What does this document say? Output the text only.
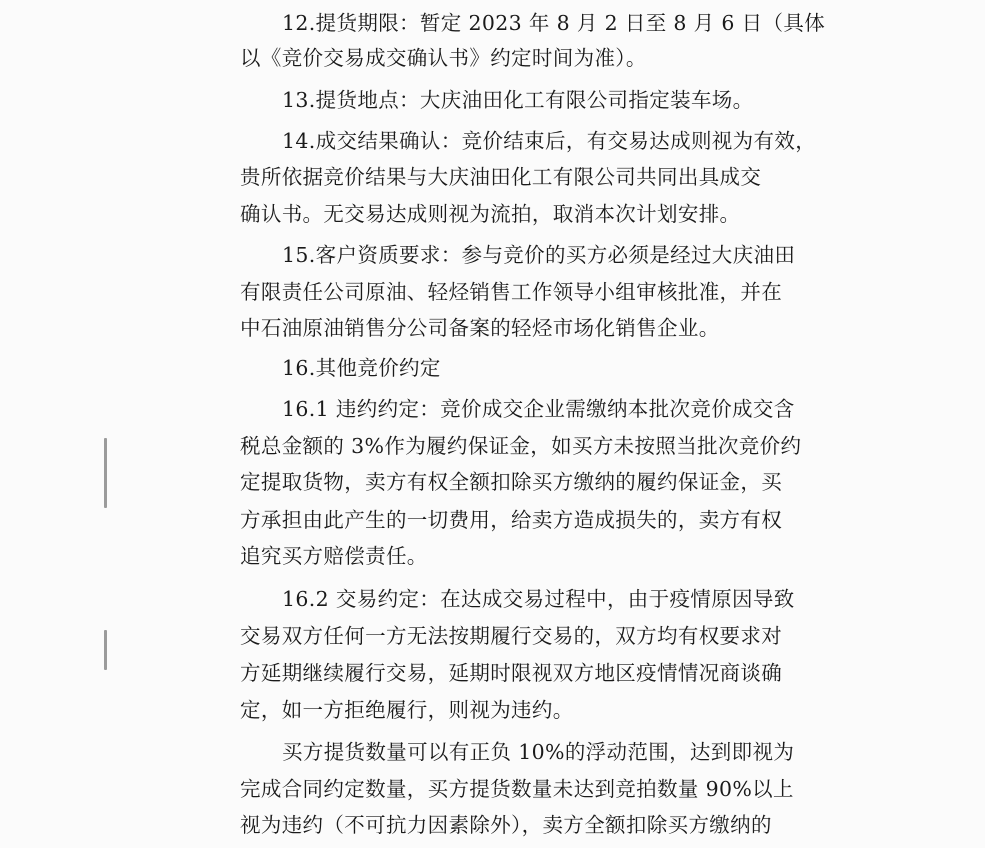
12.提货期限：暂定 2023 年 8 月 2 日至 8 月 6 日（具体
以《竞价交易成交确认书》约定时间为准）。
13.提货地点：大庆油田化工有限公司指定装车场。
14.成交结果确认：竞价结束后，有交易达成则视为有效，
贵所依据竞价结果与大庆油田化工有限公司共同出具成交
确认书。无交易达成则视为流拍，取消本次计划安排。
15.客户资质要求：参与竞价的买方必须是经过大庆油田
有限责任公司原油、轻烃销售工作领导小组审核批准，并在
中石油原油销售分公司备案的轻烃市场化销售企业。
16.其他竞价约定
16.1 违约约定：竞价成交企业需缴纳本批次竞价成交含
税总金额的 3%作为履约保证金，如买方未按照当批次竞价约
定提取货物，卖方有权全额扣除买方缴纳的履约保证金，买
方承担由此产生的一切费用，给卖方造成损失的，卖方有权
追究买方赔偿责任。
16.2 交易约定：在达成交易过程中，由于疫情原因导致
交易双方任何一方无法按期履行交易的，双方均有权要求对
方延期继续履行交易，延期时限视双方地区疫情情况商谈确
定，如一方拒绝履行，则视为违约。
买方提货数量可以有正负 10%的浮动范围，达到即视为
完成合同约定数量，买方提货数量未达到竞拍数量 90%以上
视为违约（不可抗力因素除外），卖方全额扣除买方缴纳的
